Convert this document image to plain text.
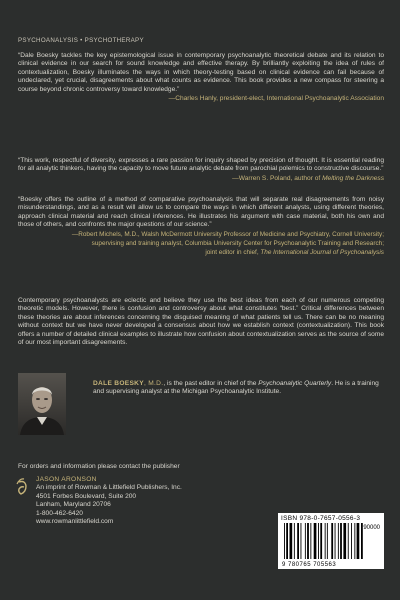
PSYCHOANALYSIS • PSYCHOTHERAPY

“Dale Boesky tackles the key epistemological issue in contemporary psychoanalytic theoretical debate and its relation to clinical evidence in our search for sound knowledge and effective therapy. By brilliantly exploiting the idea of rules of contextualization, Boesky illuminates the ways in which theory-testing based on clinical evidence can fail because of undeclared, yet crucial, disagreements about what counts as evidence. This book provides a new compass for steering a course beyond chronic controversy toward knowledge.”

—Charles Hanly, president-elect, International Psychoanalytic Association

“This work, respectful of diversity, expresses a rare passion for inquiry shaped by precision of thought. It is essential reading for all analytic thinkers, having the capacity to move future analytic debate from parochial polemics to constructive discourse.”

—Warren S. Poland, author of Melting the Darkness

“Boesky offers the outline of a method of comparative psychoanalysis that will separate real disagreements from noisy misunderstandings, and as a result will allow us to compare the ways in which different analysts, using different theories, approach clinical material and reach clinical inferences. He illustrates his argument with case material, both his own and those of others, and confronts the major questions of our science.”

—Robert Michels, M.D., Walsh McDermott University Professor of Medicine and Psychiatry, Cornell University;
supervising and training analyst, Columbia University Center for Psychoanalytic Training and Research;
joint editor in chief, The International Journal of Psychoanalysis
Contemporary psychoanalysts are eclectic and believe they use the best ideas from each of our numerous competing theoretic models. However, there is confusion and controversy about what constitutes “best.” Critical differences between these theories are about inferences concerning the disguised meaning of what patients tell us. There can be no meaning without context but we have never developed a consensus about how we establish context (contextualization). This book offers a number of detailed clinical examples to illustrate how confusion about contextualization serves as the source of some of our most important disagreements.
DALE BOESKY, M.D., is the past editor in chief of the Psychoanalytic Quarterly. He is a training and supervising analyst at the Michigan Psychoanalytic Institute.
For orders and information please contact the publisher
JASON ARONSON
An imprint of Rowman & Littlefield Publishers, Inc.
4501 Forbes Boulevard, Suite 200
Lanham, Maryland 20706
1-800-462-6420
www.rowmanlittlefield.com	ISBN 978-0-7657-0556-3
90000
9 780765 705563
